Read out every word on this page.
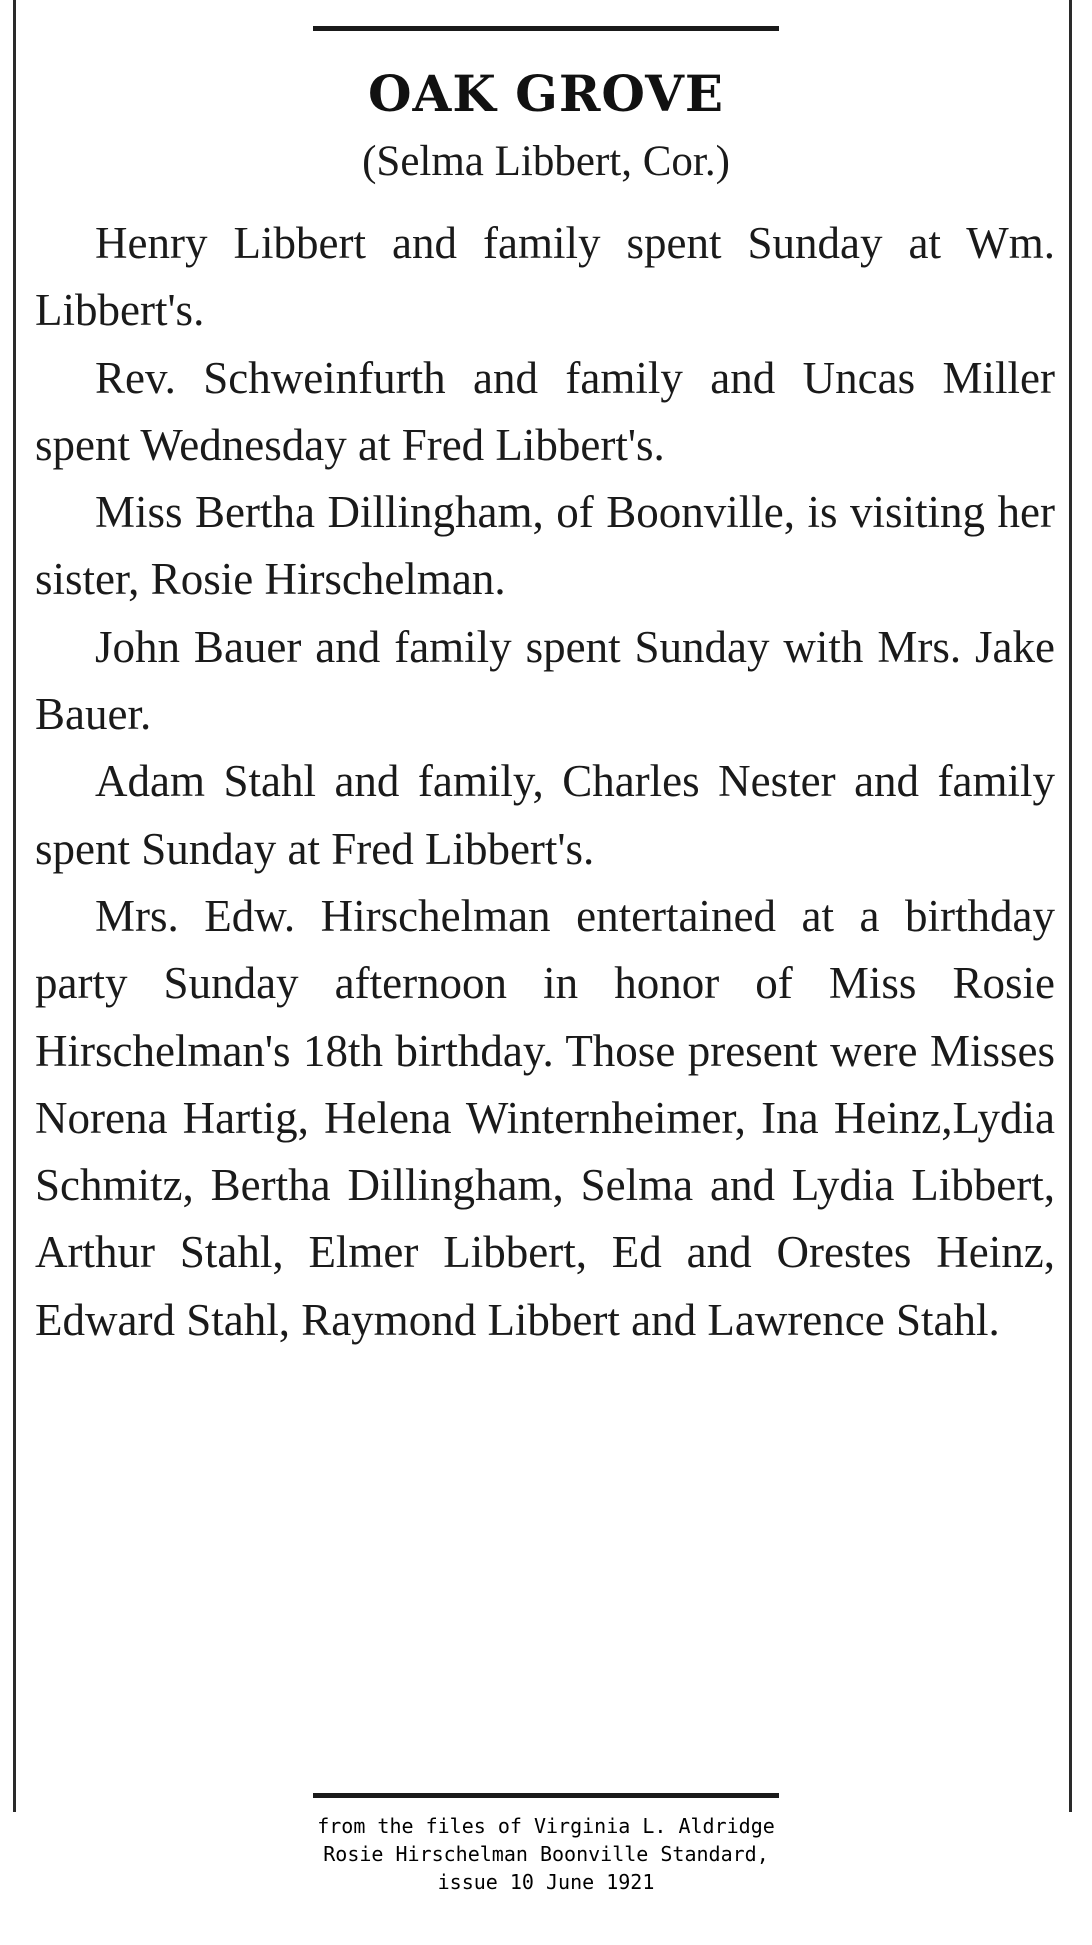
OAK GROVE
(Selma Libbert, Cor.)

Henry Libbert and family spent Sunday at Wm. Libbert's.

Rev. Schweinfurth and family and Uncas Miller spent Wednesday at Fred Libbert's.

Miss Bertha Dillingham, of Boonville, is visiting her sister, Rosie Hirschelman.

John Bauer and family spent Sunday with Mrs. Jake Bauer.

Adam Stahl and family, Charles Nester and family spent Sunday at Fred Libbert's.

Mrs. Edw. Hirschelman entertained at a birthday party Sunday afternoon in honor of Miss Rosie Hirschelman's 18th birthday. Those present were Misses Norena Hartig, Helena Winternheimer, Ina Heinz,Lydia Schmitz, Bertha Dillingham, Selma and Lydia Libbert, Arthur Stahl, Elmer Libbert, Ed and Orestes Heinz, Edward Stahl, Raymond Libbert and Lawrence Stahl.

from the files of Virginia L. Aldridge
Rosie Hirschelman Boonville Standard,
issue 10 June 1921
